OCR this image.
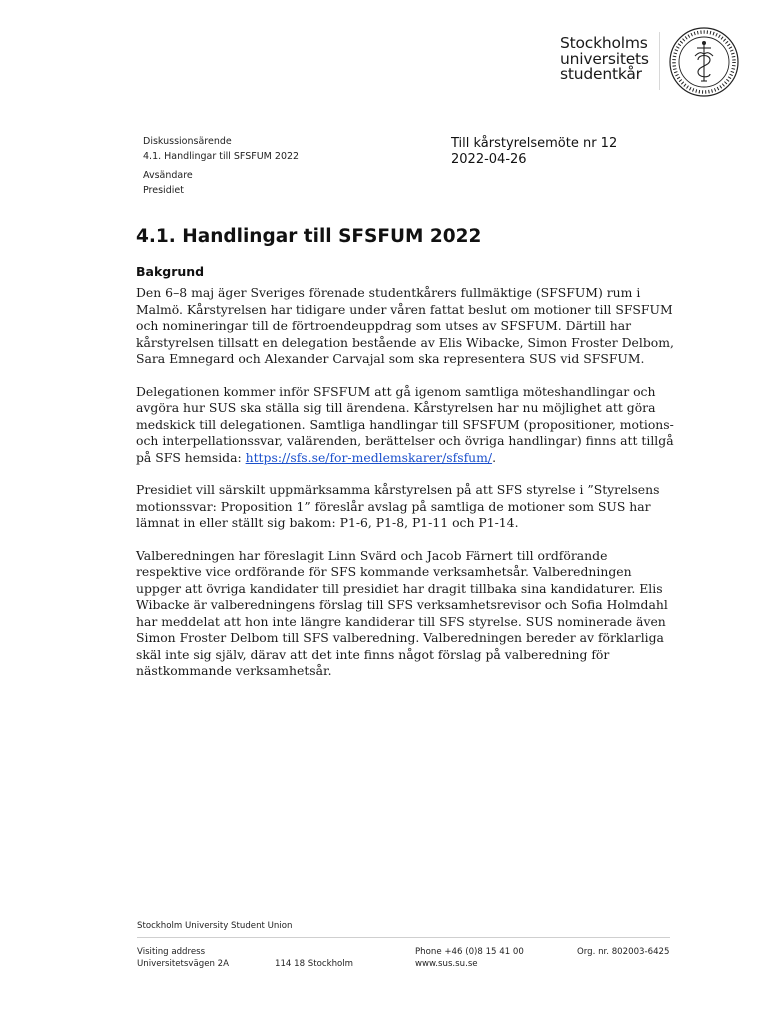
Stockholms
universitets
studentkår
Diskussionsärende
4.1. Handlingar till SFSFUM 2022
Avsändare
Presidiet
Till kårstyrelsemöte nr 12
2022-04-26
4.1. Handlingar till SFSFUM 2022
Bakgrund

Den 6–8 maj äger Sveriges förenade studentkårers fullmäktige (SFSFUM) rum i Malmö. Kårstyrelsen har tidigare under våren fattat beslut om motioner till SFSFUM och nomineringar till de förtroendeuppdrag som utses av SFSFUM. Därtill har kårstyrelsen tillsatt en delegation bestående av Elis Wibacke, Simon Froster Delbom, Sara Emnegard och Alexander Carvajal som ska representera SUS vid SFSFUM.

Delegationen kommer inför SFSFUM att gå igenom samtliga möteshandlingar och avgöra hur SUS ska ställa sig till ärendena. Kårstyrelsen har nu möjlighet att göra medskick till delegationen. Samtliga handlingar till SFSFUM (propositioner, motions- och interpellationssvar, valärenden, berättelser och övriga handlingar) finns att tillgå på SFS hemsida: https://sfs.se/for-medlemskarer/sfsfum/.

Presidiet vill särskilt uppmärksamma kårstyrelsen på att SFS styrelse i ”Styrelsens motionssvar: Proposition 1” föreslår avslag på samtliga de motioner som SUS har lämnat in eller ställt sig bakom: P1-6, P1-8, P1-11 och P1-14.

Valberedningen har föreslagit Linn Svärd och Jacob Färnert till ordförande respektive vice ordförande för SFS kommande verksamhetsår. Valberedningen uppger att övriga kandidater till presidiet har dragit tillbaka sina kandidaturer. Elis Wibacke är valberedningens förslag till SFS verksamhetsrevisor och Sofia Holmdahl har meddelat att hon inte längre kandiderar till SFS styrelse. SUS nominerade även Simon Froster Delbom till SFS valberedning. Valberedningen bereder av förklarliga skäl inte sig själv, därav att det inte finns något förslag på valberedning för nästkommande verksamhetsår.

Stockholm University Student Union
Visiting address
Universitetsvägen 2A	114 18 Stockholm
Phone +46 (0)8 15 41 00
www.sus.su.se
Org. nr. 802003-6425
